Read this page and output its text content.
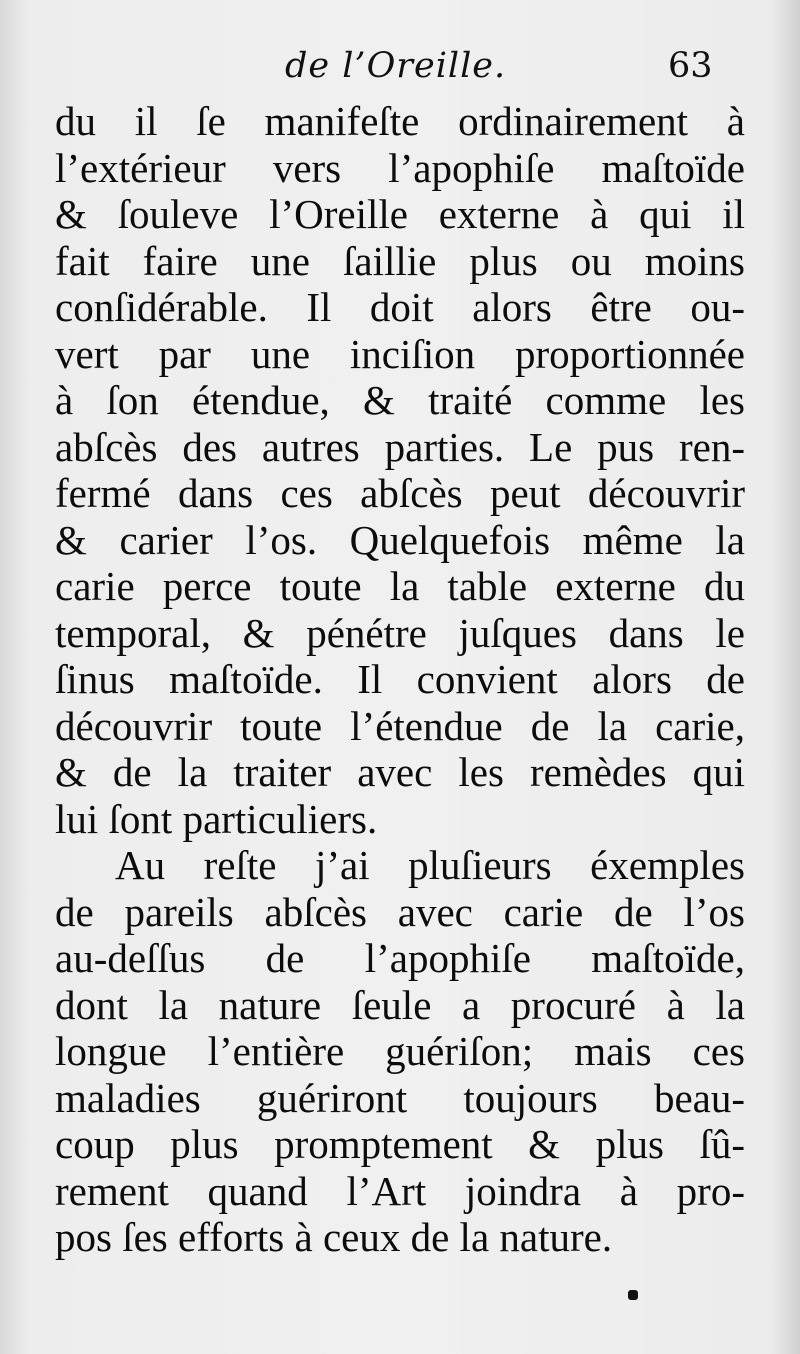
de l’Oreille.	63
du il ſe manifeſte ordinairement à
l’extérieur vers l’apophiſe maſtoïde
& ſouleve l’Oreille externe à qui il
fait faire une ſaillie plus ou moins
conſidérable. Il doit alors être ou-
vert par une inciſion proportionnée
à ſon étendue, & traité comme les
abſcès des autres parties. Le pus ren-
fermé dans ces abſcès peut découvrir
& carier l’os. Quelquefois même la
carie perce toute la table externe du
temporal, & pénétre juſques dans le
ſinus maſtoïde. Il convient alors de
découvrir toute l’étendue de la carie,
& de la traiter avec les remèdes qui
lui ſont particuliers.
Au reſte j’ai pluſieurs éxemples
de pareils abſcès avec carie de l’os
au-deſſus de l’apophiſe maſtoïde,
dont la nature ſeule a procuré à la
longue l’entière guériſon; mais ces
maladies guériront toujours beau-
coup plus promptement & plus ſû-
rement quand l’Art joindra à pro-
pos ſes efforts à ceux de la nature.
